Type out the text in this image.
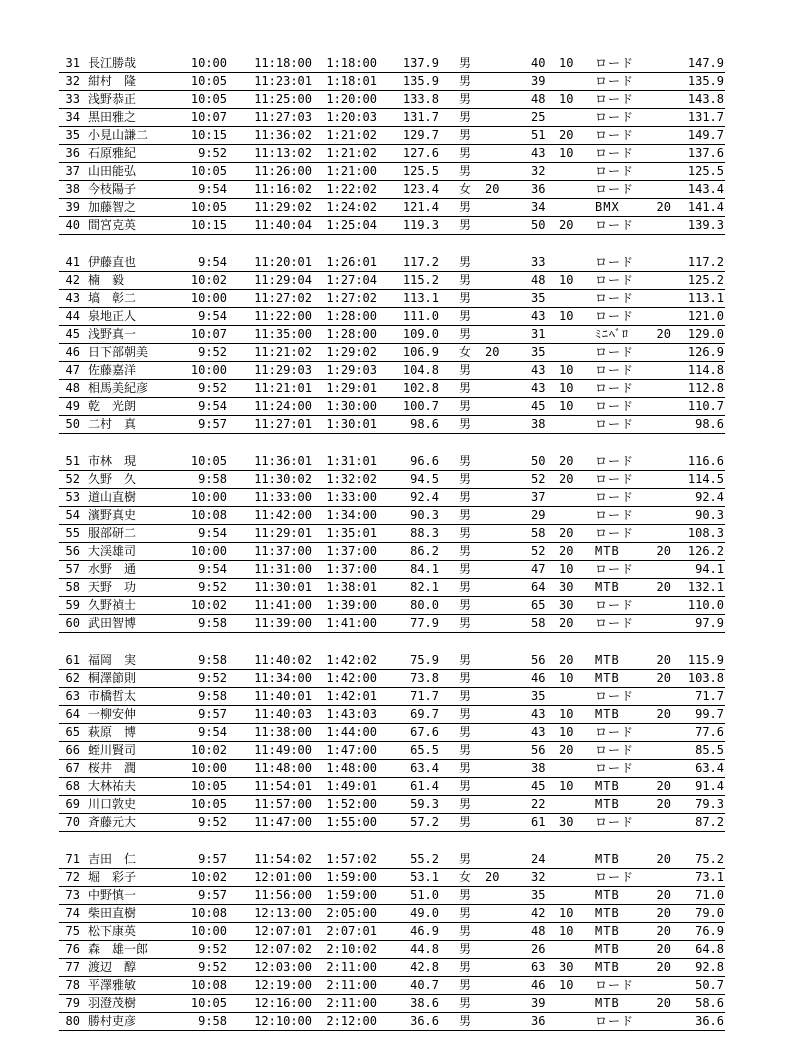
31 長江勝哉	10:00	11:18:00 1:18:00	137.9 男	40 10 ロード	147.9
32 紺村　隆	10:05	11:23:01 1:18:01	135.9 男	39	ロード	135.9
33 浅野恭正	10:05	11:25:00 1:20:00	133.8 男	48 10 ロード	143.8
34 黒田雅之	10:07	11:27:03 1:20:03	131.7 男	25	ロード	131.7
35 小見山謙二	10:15	11:36:02 1:21:02	129.7 男	51 20 ロード	149.7
36 石原雅紀	9:52	11:13:02 1:21:02	127.6 男	43 10 ロード	137.6
37 山田能弘	10:05	11:26:00 1:21:00	125.5 男	32	ロード	125.5
38 今枝陽子	9:54	11:16:02 1:22:02	123.4 女 20	36	ロード	143.4
39 加藤智之	10:05	11:29:02 1:24:02	121.4 男	34	BMX	20	141.4
40 間宮克英	10:15	11:40:04 1:25:04	119.3 男	50 20 ロード	139.3
41 伊藤直也	9:54	11:20:01 1:26:01	117.2 男	33	ロード	117.2
42 楠　毅	10:02	11:29:04 1:27:04	115.2 男	48 10 ロード	125.2
43 塙　彰二	10:00	11:27:02 1:27:02	113.1 男	35	ロード	113.1
44 泉地正人	9:54	11:22:00 1:28:00	111.0 男	43 10 ロード	121.0
45 浅野真一	10:07	11:35:00 1:28:00	109.0 男	31	ﾐﾆﾍﾞﾛ	20	129.0
46 日下部朝美	9:52	11:21:02 1:29:02	106.9 女 20	35	ロード	126.9
47 佐藤嘉洋	10:00	11:29:03 1:29:03	104.8 男	43 10 ロード	114.8
48 相馬美紀彦	9:52	11:21:01 1:29:01	102.8 男	43 10 ロード	112.8
49 乾　光朗	9:54	11:24:00 1:30:00	100.7 男	45 10 ロード	110.7
50 二村　真	9:57	11:27:01 1:30:01	98.6 男	38	ロード	98.6
51 市林　現	10:05	11:36:01 1:31:01	96.6 男	50 20 ロード	116.6
52 久野　久	9:58	11:30:02 1:32:02	94.5 男	52 20 ロード	114.5
53 道山直樹	10:00	11:33:00 1:33:00	92.4 男	37	ロード	92.4
54 濱野真史	10:08	11:42:00 1:34:00	90.3 男	29	ロード	90.3
55 服部研二	9:54	11:29:01 1:35:01	88.3 男	58 20 ロード	108.3
56 大渓雄司	10:00	11:37:00 1:37:00	86.2 男	52 20 MTB	20	126.2
57 水野　通	9:54	11:31:00 1:37:00	84.1 男	47 10 ロード	94.1
58 天野　功	9:52	11:30:01 1:38:01	82.1 男	64 30 MTB	20	132.1
59 久野禎士	10:02	11:41:00 1:39:00	80.0 男	65 30 ロード	110.0
60 武田智博	9:58	11:39:00 1:41:00	77.9 男	58 20 ロード	97.9
61 福岡　実	9:58	11:40:02 1:42:02	75.9 男	56 20 MTB	20	115.9
62 桐澤節則	9:52	11:34:00 1:42:00	73.8 男	46 10 MTB	20	103.8
63 市橋哲太	9:58	11:40:01 1:42:01	71.7 男	35	ロード	71.7
64 一柳安伸	9:57	11:40:03 1:43:03	69.7 男	43 10 MTB	20	99.7
65 萩原　博	9:54	11:38:00 1:44:00	67.6 男	43 10 ロード	77.6
66 蛭川賢司	10:02	11:49:00 1:47:00	65.5 男	56 20 ロード	85.5
67 桜井　潤	10:00	11:48:00 1:48:00	63.4 男	38	ロード	63.4
68 大林祐夫	10:05	11:54:01 1:49:01	61.4 男	45 10 MTB	20	91.4
69 川口敦史	10:05	11:57:00 1:52:00	59.3 男	22	MTB	20	79.3
70 斉藤元大	9:52	11:47:00 1:55:00	57.2 男	61 30 ロード	87.2
71 吉田　仁	9:57	11:54:02 1:57:02	55.2 男	24	MTB	20	75.2
72 堀　彩子	10:02	12:01:00 1:59:00	53.1 女 20	32	ロード	73.1
73 中野慎一	9:57	11:56:00 1:59:00	51.0 男	35	MTB	20	71.0
74 柴田直樹	10:08	12:13:00 2:05:00	49.0 男	42 10 MTB	20	79.0
75 松下康英	10:00	12:07:01 2:07:01	46.9 男	48 10 MTB	20	76.9
76 森　雄一郎	9:52	12:07:02 2:10:02	44.8 男	26	MTB	20	64.8
77 渡辺　醇	9:52	12:03:00 2:11:00	42.8 男	63 30 MTB	20	92.8
78 平澤雅敏	10:08	12:19:00 2:11:00	40.7 男	46 10 ロード	50.7
79 羽澄茂樹	10:05	12:16:00 2:11:00	38.6 男	39	MTB	20	58.6
80 勝村吏彦	9:58	12:10:00 2:12:00	36.6 男	36	ロード	36.6
